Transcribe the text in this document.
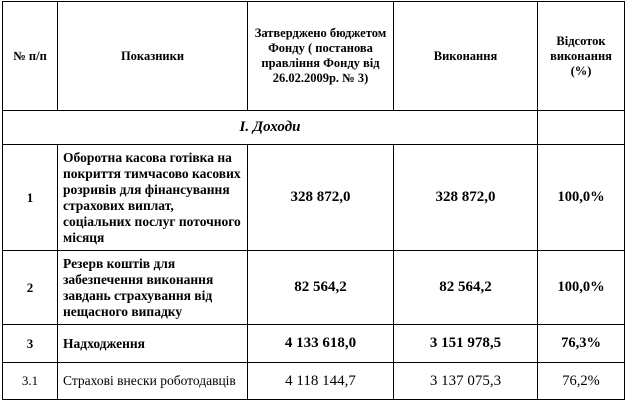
№ п/п	Показники	Затверджено бюджетом Фонду ( постанова правління Фонду від 26.02.2009р. № 3)	Виконання	Відсоток виконання (%)
І. Доходи				
1	Оборотна касова готівка на покриття тимчасово касових розривів для фінансування страхових виплат, соціальних послуг поточного місяця	328 872,0	328 872,0	100,0%
2	Резерв коштів для забезпечення виконання завдань страхування від нещасного випадку	82 564,2	82 564,2	100,0%
3	Надходження	4 133 618,0	3 151 978,5	76,3%
3.1	Страхові внески роботодавців	4 118 144,7	3 137 075,3	76,2%
